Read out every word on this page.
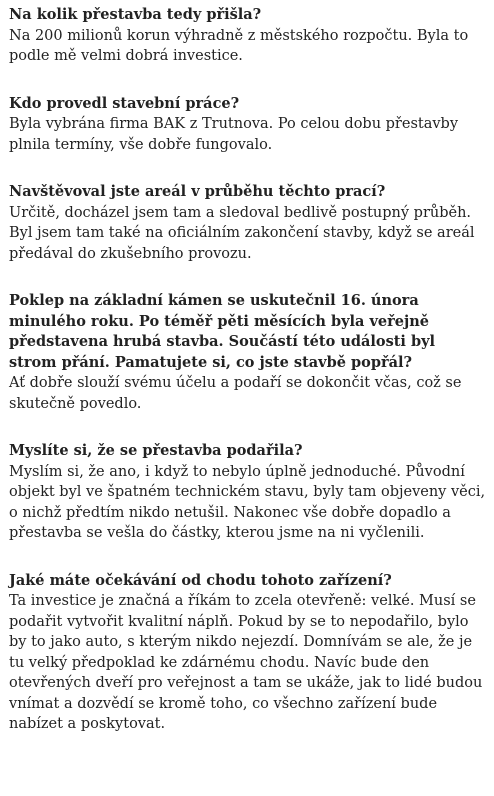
Na kolik přestavba tedy přišla?

Na 200 milionů korun výhradně z městského rozpočtu. Byla to podle mě velmi dobrá investice.

Kdo provedl stavební práce?

Byla vybrána firma BAK z Trutnova. Po celou dobu přestavby plnila termíny, vše dobře fungovalo.

Navštěvoval jste areál v průběhu těchto prací?

Určitě, docházel jsem tam a sledoval bedlivě postupný průběh. Byl jsem tam také na oficiálním zakončení stavby, když se areál předával do zkušebního provozu.

Poklep na základní kámen se uskutečnil 16. února minulého roku. Po téměř pěti měsících byla veřejně představena hrubá stavba. Součástí této události byl strom přání. Pamatujete si, co jste stavbě popřál?

Ať dobře slouží svému účelu a podaří se dokončit včas, což se skutečně povedlo.

Myslíte si, že se přestavba podařila?

Myslím si, že ano, i když to nebylo úplně jednoduché. Původní objekt byl ve špatném technickém stavu, byly tam objeveny věci, o nichž předtím nikdo netušil. Nakonec vše dobře dopadlo a přestavba se vešla do částky, kterou jsme na ni vyčlenili.

Jaké máte očekávání od chodu tohoto zařízení?

Ta investice je značná a říkám to zcela otevřeně: velké. Musí se podařit vytvořit kvalitní náplň. Pokud by se to nepodařilo, bylo by to jako auto, s kterým nikdo nejezdí. Domnívám se ale, že je tu velký předpoklad ke zdárnému chodu. Navíc bude den otevřených dveří pro veřejnost a tam se ukáže, jak to lidé budou vnímat a dozvědí se kromě toho, co všechno zařízení bude nabízet a poskytovat.
